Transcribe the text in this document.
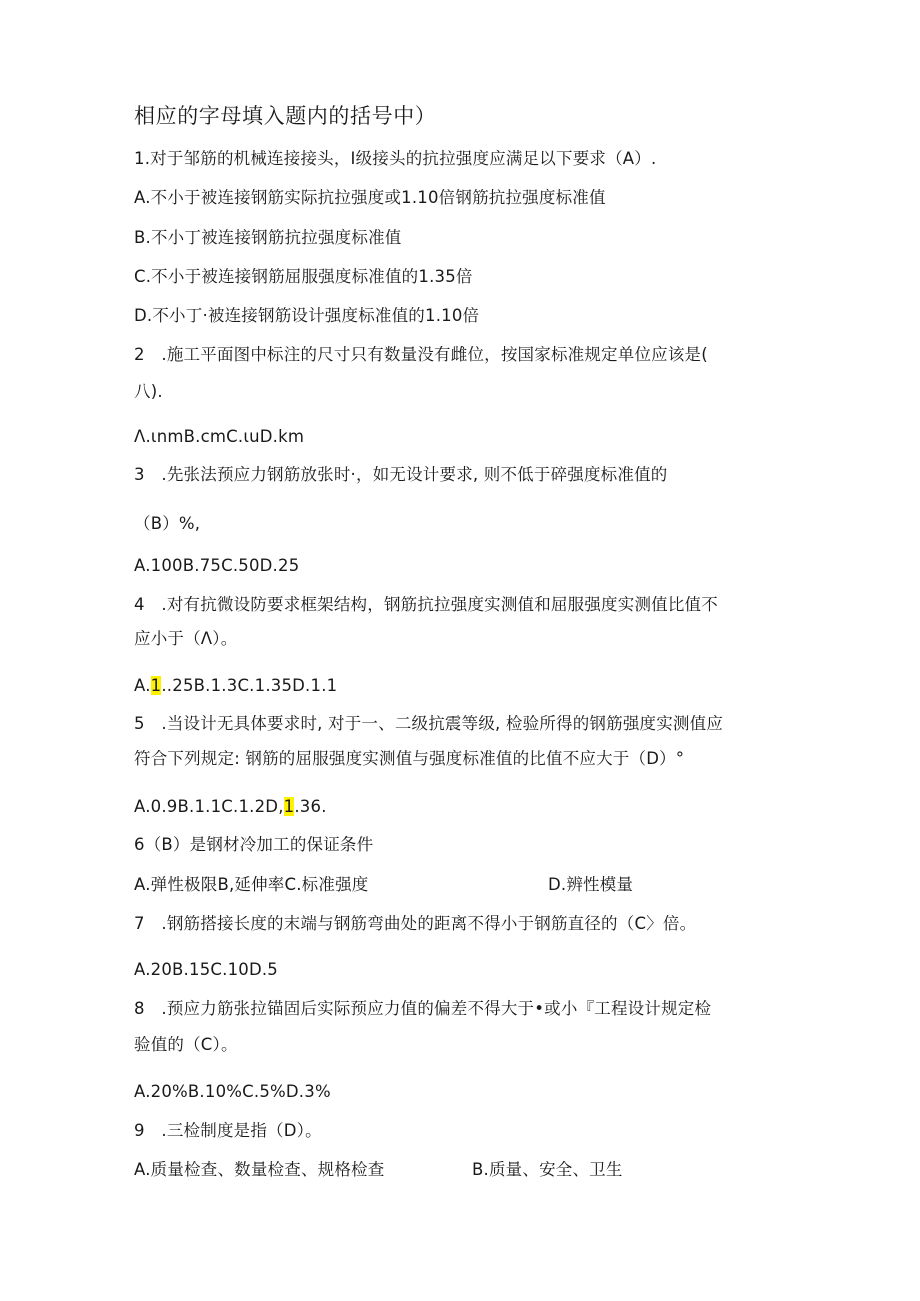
相应的字母填入题内的括号中）
1.对于邹筋的机械连接接头，I级接头的抗拉强度应满足以下要求（A）.
A.不小于被连接钢筋实际抗拉强度或1.10倍钢筋抗拉强度标准值
B.不小丁被连接钢筋抗拉强度标准值
C.不小于被连接钢筋屈服强度标准值的1.35倍
D.不小丁·被连接钢筋设计强度标准值的1.10倍
2　.施工平面图中标注的尺寸只有数量没有雌位，按国家标准规定单位应该是(
八).
Λ.ιnmB.cmC.ιuD.km
3　.先张法预应力钢筋放张时·，如无设计要求, 则不低于碎强度标准值的
（B）%,
A.100B.75C.50D.25
4　.对有抗微设防要求框架结构，钢筋抗拉强度实测值和屈服强度实测值比值不
应小于（Λ）。
A.1..25B.1.3C.1.35D.1.1
5　.当设计无具体要求时, 对于一、二级抗震等级, 检验所得的钢筋强度实测值应
符合下列规定: 钢筋的屈服强度实测值与强度标准值的比值不应大于（D）°
A.0.9B.1.1C.1.2D,1.36.
6（B）是钢材冷加工的保证条件
A.弹性极限B,延伸率C.标准强度	D.辨性模量
7　.钢筋搭接长度的末端与钢筋弯曲处的距离不得小于钢筋直径的（C〉倍。
A.20B.15C.10D.5
8　.预应力筋张拉锚固后实际预应力值的偏差不得大于•或小『工程设计规定检
验值的（C）。
A.20%B.10%C.5%D.3%
9　.三检制度是指（D）。
A.质量检查、数量检查、规格检查	B.质量、安全、卫生
